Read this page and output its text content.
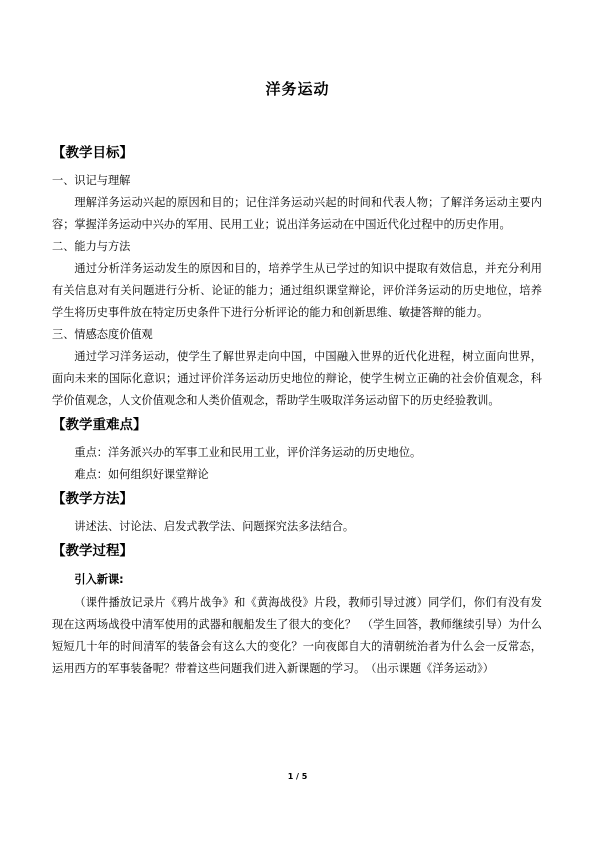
洋务运动

【教学目标】

一、识记与理解

理解洋务运动兴起的原因和目的；记住洋务运动兴起的时间和代表人物；了解洋务运动主要内容；掌握洋务运动中兴办的军用、民用工业；说出洋务运动在中国近代化过程中的历史作用。

二、能力与方法

通过分析洋务运动发生的原因和目的，培养学生从已学过的知识中提取有效信息，并充分利用有关信息对有关问题进行分析、论证的能力；通过组织课堂辩论，评价洋务运动的历史地位，培养学生将历史事件放在特定历史条件下进行分析评论的能力和创新思维、敏捷答辩的能力。

三、情感态度价值观

通过学习洋务运动，使学生了解世界走向中国，中国融入世界的近代化进程，树立面向世界，面向未来的国际化意识；通过评价洋务运动历史地位的辩论，使学生树立正确的社会价值观念，科学价值观念，人文价值观念和人类价值观念，帮助学生吸取洋务运动留下的历史经验教训。

【教学重难点】

重点：洋务派兴办的军事工业和民用工业，评价洋务运动的历史地位。

难点：如何组织好课堂辩论

【教学方法】

讲述法、讨论法、启发式教学法、问题探究法多法结合。

【教学过程】

引入新课:

（课件播放记录片《鸦片战争》和《黄海战役》片段，教师引导过渡）同学们，你们有没有发现在这两场战役中清军使用的武器和舰船发生了很大的变化？　（学生回答，教师继续引导）为什么短短几十年的时间清军的装备会有这么大的变化？一向夜郎自大的清朝统治者为什么会一反常态，运用西方的军事装备呢？带着这些问题我们进入新课题的学习。　（出示课题《洋务运动》）

1 / 5
